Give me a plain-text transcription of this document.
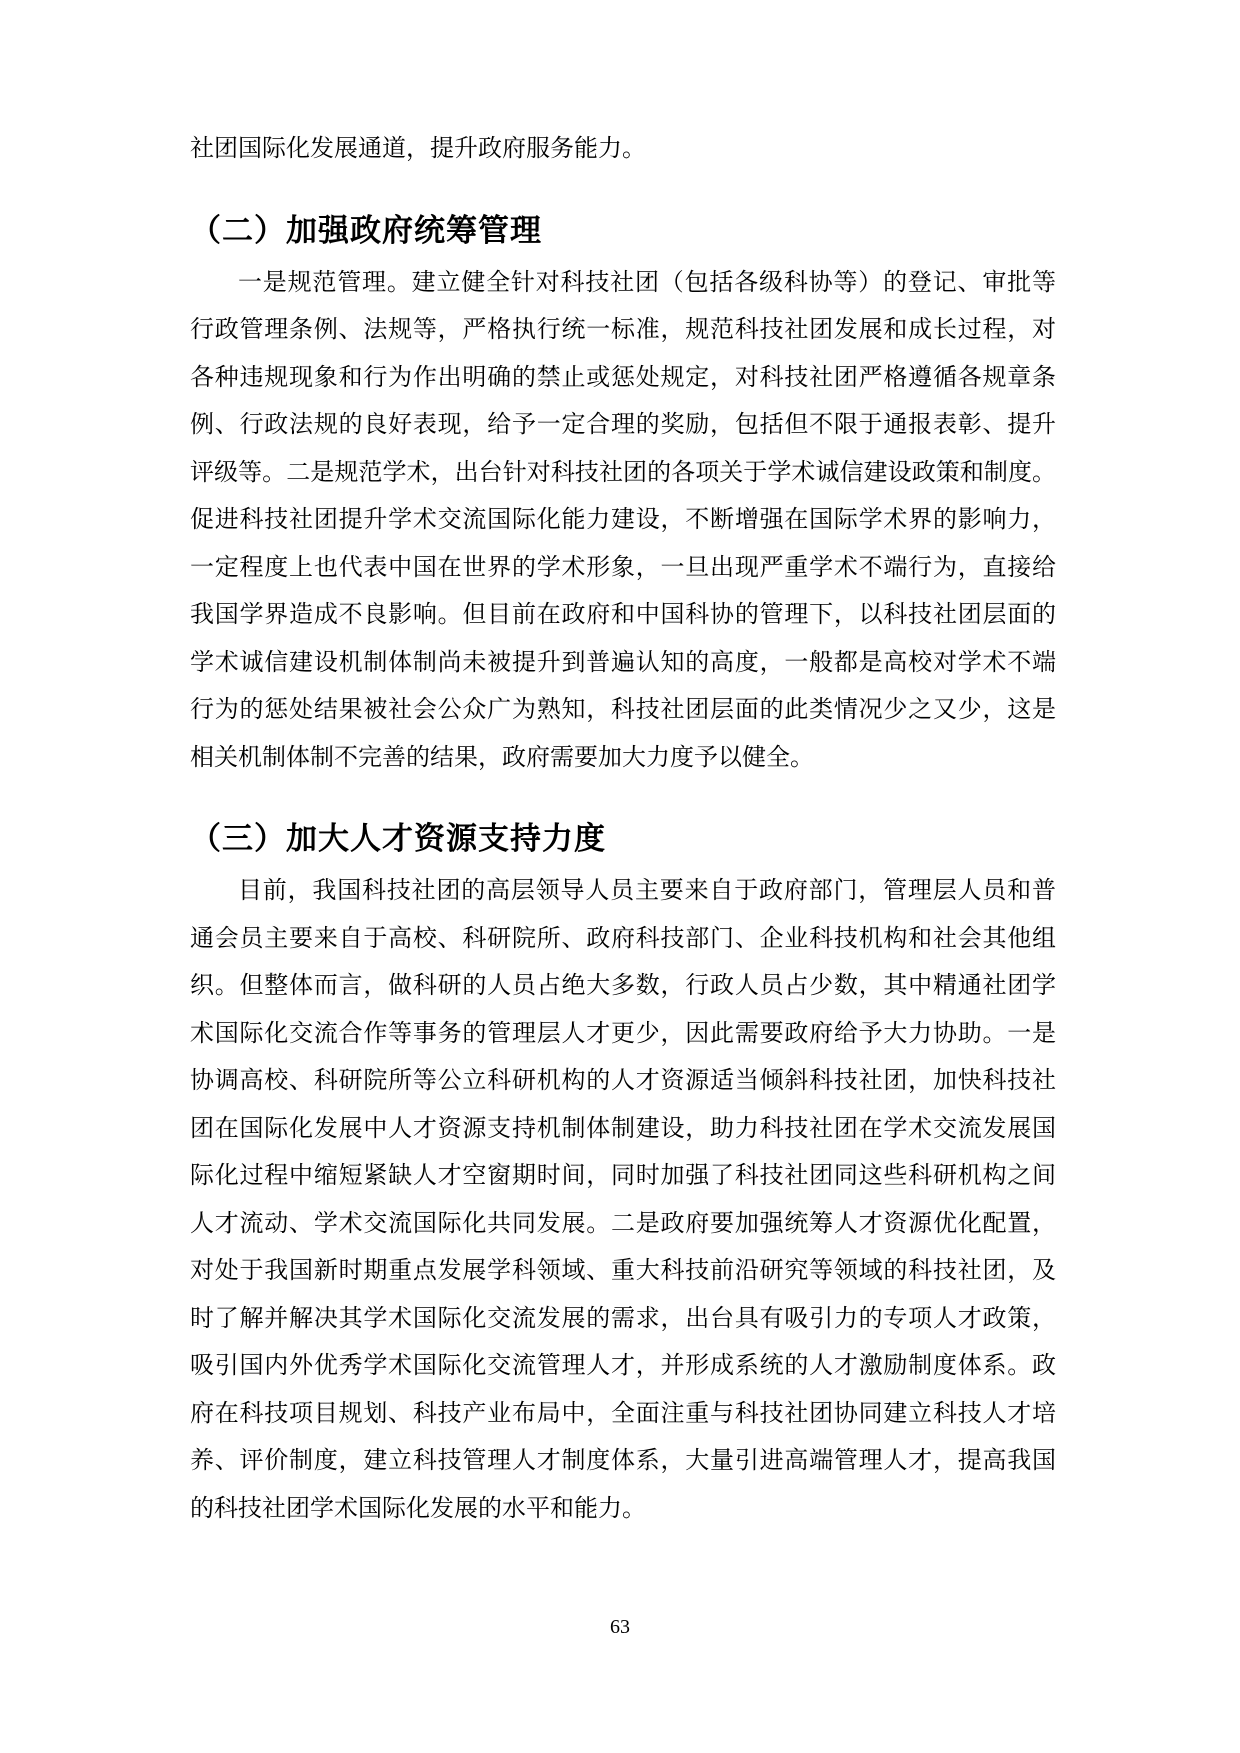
社团国际化发展通道，提升政府服务能力。
（二）加强政府统筹管理
一是规范管理。建立健全针对科技社团（包括各级科协等）的登记、审批等
行政管理条例、法规等，严格执行统一标准，规范科技社团发展和成长过程，对
各种违规现象和行为作出明确的禁止或惩处规定，对科技社团严格遵循各规章条
例、行政法规的良好表现，给予一定合理的奖励，包括但不限于通报表彰、提升
评级等。二是规范学术，出台针对科技社团的各项关于学术诚信建设政策和制度。
促进科技社团提升学术交流国际化能力建设，不断增强在国际学术界的影响力，
一定程度上也代表中国在世界的学术形象，一旦出现严重学术不端行为，直接给
我国学界造成不良影响。但目前在政府和中国科协的管理下，以科技社团层面的
学术诚信建设机制体制尚未被提升到普遍认知的高度，一般都是高校对学术不端
行为的惩处结果被社会公众广为熟知，科技社团层面的此类情况少之又少，这是
相关机制体制不完善的结果，政府需要加大力度予以健全。
（三）加大人才资源支持力度
目前，我国科技社团的高层领导人员主要来自于政府部门，管理层人员和普
通会员主要来自于高校、科研院所、政府科技部门、企业科技机构和社会其他组
织。但整体而言，做科研的人员占绝大多数，行政人员占少数，其中精通社团学
术国际化交流合作等事务的管理层人才更少，因此需要政府给予大力协助。一是
协调高校、科研院所等公立科研机构的人才资源适当倾斜科技社团，加快科技社
团在国际化发展中人才资源支持机制体制建设，助力科技社团在学术交流发展国
际化过程中缩短紧缺人才空窗期时间，同时加强了科技社团同这些科研机构之间
人才流动、学术交流国际化共同发展。二是政府要加强统筹人才资源优化配置，
对处于我国新时期重点发展学科领域、重大科技前沿研究等领域的科技社团，及
时了解并解决其学术国际化交流发展的需求，出台具有吸引力的专项人才政策，
吸引国内外优秀学术国际化交流管理人才，并形成系统的人才激励制度体系。政
府在科技项目规划、科技产业布局中，全面注重与科技社团协同建立科技人才培
养、评价制度，建立科技管理人才制度体系，大量引进高端管理人才，提高我国
的科技社团学术国际化发展的水平和能力。
63
